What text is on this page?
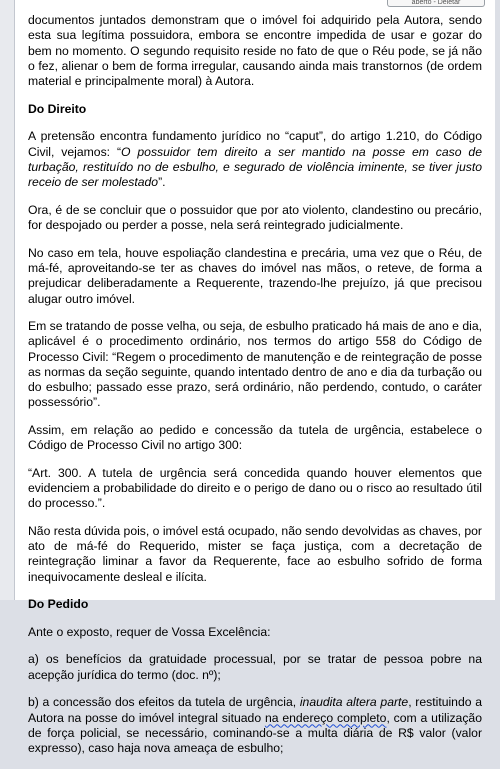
aberto - Deletar

documentos juntados demonstram que o imóvel foi adquirido pela Autora, sendo esta sua legítima possuidora, embora se encontre impedida de usar e gozar do bem no momento. O segundo requisito reside no fato de que o Réu pode, se já não o fez, alienar o bem de forma irregular, causando ainda mais transtornos (de ordem material e principalmente moral) à Autora.

Do Direito

A pretensão encontra fundamento jurídico no “caput”, do artigo 1.210, do Código Civil, vejamos: “O possuidor tem direito a ser mantido na posse em caso de turbação, restituído no de esbulho, e segurado de violência iminente, se tiver justo receio de ser molestado”.

Ora, é de se concluir que o possuidor que por ato violento, clandestino ou precário, for despojado ou perder a posse, nela será reintegrado judicialmente.

No caso em tela, houve espoliação clandestina e precária, uma vez que o Réu, de má-fé, aproveitando-se ter as chaves do imóvel nas mãos, o reteve, de forma a prejudicar deliberadamente a Requerente, trazendo-lhe prejuízo, já que precisou alugar outro imóvel.

Em se tratando de posse velha, ou seja, de esbulho praticado há mais de ano e dia, aplicável é o procedimento ordinário, nos termos do artigo 558 do Código de Processo Civil: “Regem o procedimento de manutenção e de reintegração de posse as normas da seção seguinte, quando intentado dentro de ano e dia da turbação ou do esbulho; passado esse prazo, será ordinário, não perdendo, contudo, o caráter possessório”.

Assim, em relação ao pedido e concessão da tutela de urgência, estabelece o Código de Processo Civil no artigo 300:

“Art. 300. A tutela de urgência será concedida quando houver elementos que evidenciem a probabilidade do direito e o perigo de dano ou o risco ao resultado útil do processo.”.

Não resta dúvida pois, o imóvel está ocupado, não sendo devolvidas as chaves, por ato de má-fé do Requerido, mister se faça justiça, com a decretação de reintegração liminar a favor da Requerente, face ao esbulho sofrido de forma inequivocamente desleal e ilícita.

Do Pedido

Ante o exposto, requer de Vossa Excelência:

a) os benefícios da gratuidade processual, por se tratar de pessoa pobre na acepção jurídica do termo (doc. nº);

b) a concessão dos efeitos da tutela de urgência, inaudita altera parte, restituindo a Autora na posse do imóvel integral situado na endereço completo, com a utilização de força policial, se necessário, cominando-se a multa diária de R$ valor (valor expresso), caso haja nova ameaça de esbulho;
